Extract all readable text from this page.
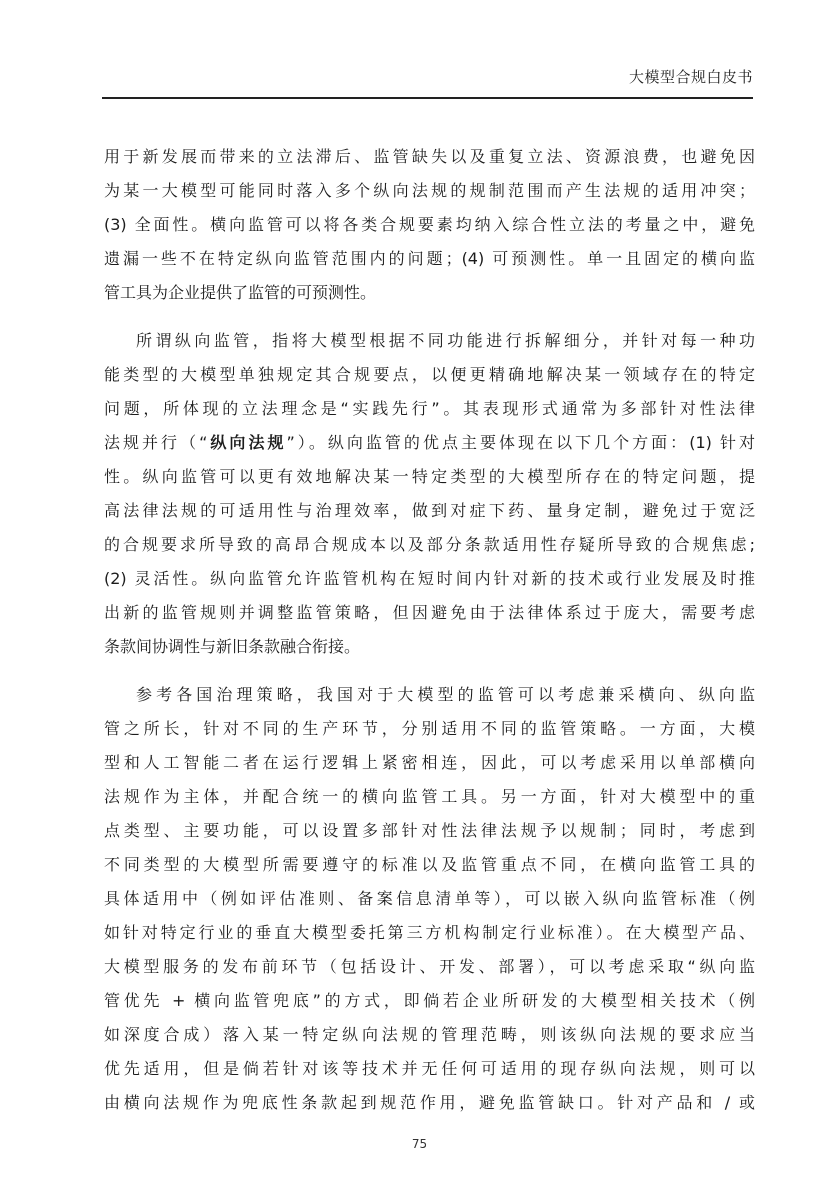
大模型合规白皮书

用于新发展而带来的立法滞后、监管缺失以及重复立法、资源浪费，也避免因
为某一大模型可能同时落入多个纵向法规的规制范围而产生法规的适用冲突；
(3) 全面性。横向监管可以将各类合规要素均纳入综合性立法的考量之中，避免
遗漏一些不在特定纵向监管范围内的问题；(4) 可预测性。单一且固定的横向监
管工具为企业提供了监管的可预测性。

所谓纵向监管，指将大模型根据不同功能进行拆解细分，并针对每一种功
能类型的大模型单独规定其合规要点，以便更精确地解决某一领域存在的特定
问题，所体现的立法理念是“实践先行”。其表现形式通常为多部针对性法律
法规并行（“纵向法规”）。纵向监管的优点主要体现在以下几个方面：(1) 针对
性。纵向监管可以更有效地解决某一特定类型的大模型所存在的特定问题，提
高法律法规的可适用性与治理效率，做到对症下药、量身定制，避免过于宽泛
的合规要求所导致的高昂合规成本以及部分条款适用性存疑所导致的合规焦虑;
(2) 灵活性。纵向监管允许监管机构在短时间内针对新的技术或行业发展及时推
出新的监管规则并调整监管策略，但因避免由于法律体系过于庞大，需要考虑
条款间协调性与新旧条款融合衔接。

参考各国治理策略，我国对于大模型的监管可以考虑兼采横向、纵向监
管之所长，针对不同的生产环节，分别适用不同的监管策略。一方面，大模
型和人工智能二者在运行逻辑上紧密相连，因此，可以考虑采用以单部横向
法规作为主体，并配合统一的横向监管工具。另一方面，针对大模型中的重
点类型、主要功能，可以设置多部针对性法律法规予以规制；同时，考虑到
不同类型的大模型所需要遵守的标准以及监管重点不同，在横向监管工具的
具体适用中（例如评估准则、备案信息清单等），可以嵌入纵向监管标准（例
如针对特定行业的垂直大模型委托第三方机构制定行业标准）。在大模型产品、
大模型服务的发布前环节（包括设计、开发、部署），可以考虑采取“纵向监
管优先 + 横向监管兜底”的方式，即倘若企业所研发的大模型相关技术（例
如深度合成）落入某一特定纵向法规的管理范畴，则该纵向法规的要求应当
优先适用，但是倘若针对该等技术并无任何可适用的现存纵向法规，则可以
由横向法规作为兜底性条款起到规范作用，避免监管缺口。针对产品和 / 或

75
